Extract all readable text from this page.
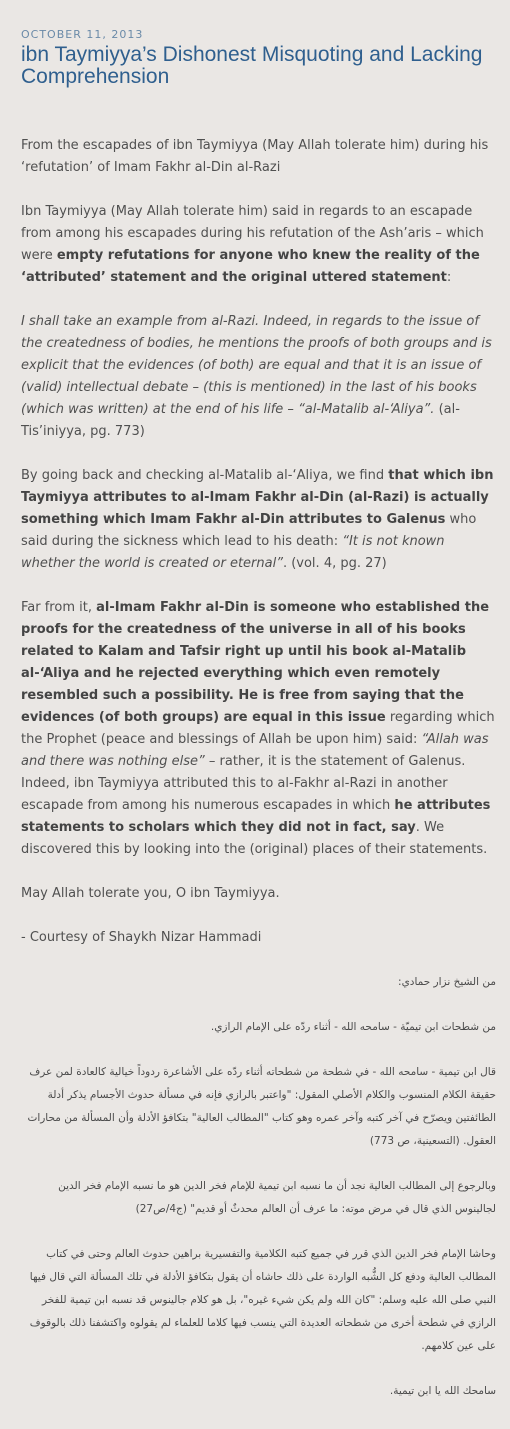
OCTOBER 11, 2013

ibn Taymiyya’s Dishonest Misquoting and Lacking Comprehension

From the escapades of ibn Taymiyya (May Allah tolerate him) during his ‘refutation’ of Imam Fakhr al-Din al-Razi

Ibn Taymiyya (May Allah tolerate him) said in regards to an escapade from among his escapades during his refutation of the Ash’aris – which were empty refutations for anyone who knew the reality of the ‘attributed’ statement and the original uttered statement:

I shall take an example from al-Razi. Indeed, in regards to the issue of the createdness of bodies, he mentions the proofs of both groups and is explicit that the evidences (of both) are equal and that it is an issue of (valid) intellectual debate – (this is mentioned) in the last of his books (which was written) at the end of his life – “al-Matalib al-‘Aliya”. (al-Tis’iniyya, pg. 773)

By going back and checking al-Matalib al-‘Aliya, we find that which ibn Taymiyya attributes to al-Imam Fakhr al-Din (al-Razi) is actually something which Imam Fakhr al-Din attributes to Galenus who said during the sickness which lead to his death: “It is not known whether the world is created or eternal”. (vol. 4, pg. 27)

Far from it, al-Imam Fakhr al-Din is someone who established the proofs for the createdness of the universe in all of his books related to Kalam and Tafsir right up until his book al-Matalib al-‘Aliya and he rejected everything which even remotely resembled such a possibility. He is free from saying that the evidences (of both groups) are equal in this issue regarding which the Prophet (peace and blessings of Allah be upon him) said: “Allah was and there was nothing else” – rather, it is the statement of Galenus. Indeed, ibn Taymiyya attributed this to al-Fakhr al-Razi in another escapade from among his numerous escapades in which he attributes statements to scholars which they did not in fact, say. We discovered this by looking into the (original) places of their statements.

May Allah tolerate you, O ibn Taymiyya.

- Courtesy of Shaykh Nizar Hammadi

من الشيخ نزار حمادي:

من شطحات ابن تيميّة - سامحه الله - أثناء ردّه على الإمام الرازي.

قال ابن تيمية - سامحه الله - في شطحة من شطحاته أثناء ردّه على الأشاعرة ردوداً خيالية كالعادة لمن عرف حقيقة الكلام المنسوب والكلام الأصلي المقول: "واعتبر بالرازي فإنه في مسألة حدوث الأجسام يذكر أدلة الطائفتين ويصرّح في آخر كتبه وآخر عمره وهو كتاب "المطالب العالية" بتكافؤ الأدلة وأن المسألة من محارات العقول. (التسعينية، ص 773)

وبالرجوع إلى المطالب العالية نجد أن ما نسبه ابن تيمية للإمام فخر الدين هو ما نسبه الإمام فخر الدين لجالينوس الذي قال في مرض موته: ما عرف أن العالم محدثٌ أو قديم" (ج4/ص27)

وحاشا الإمام فخر الدين الذي قرر في جميع كتبه الكلامية والتفسيرية براهين حدوث العالم وحتى في كتاب المطالب العالية ودفع كل الشُّبه الواردة على ذلك حاشاه أن يقول بتكافؤ الأدلة في تلك المسألة التي قال فيها النبي صلى الله عليه وسلم: "كان الله ولم يكن شيء غيره"، بل هو كلام جالينوس قد نسبه ابن تيمية للفخر الرازي في شطحة أخرى من شطحاته العديدة التي ينسب فيها كلاما للعلماء لم يقولوه واكتشفنا ذلك بالوقوف على عين كلامهم.

سامحك الله يا ابن تيمية.
